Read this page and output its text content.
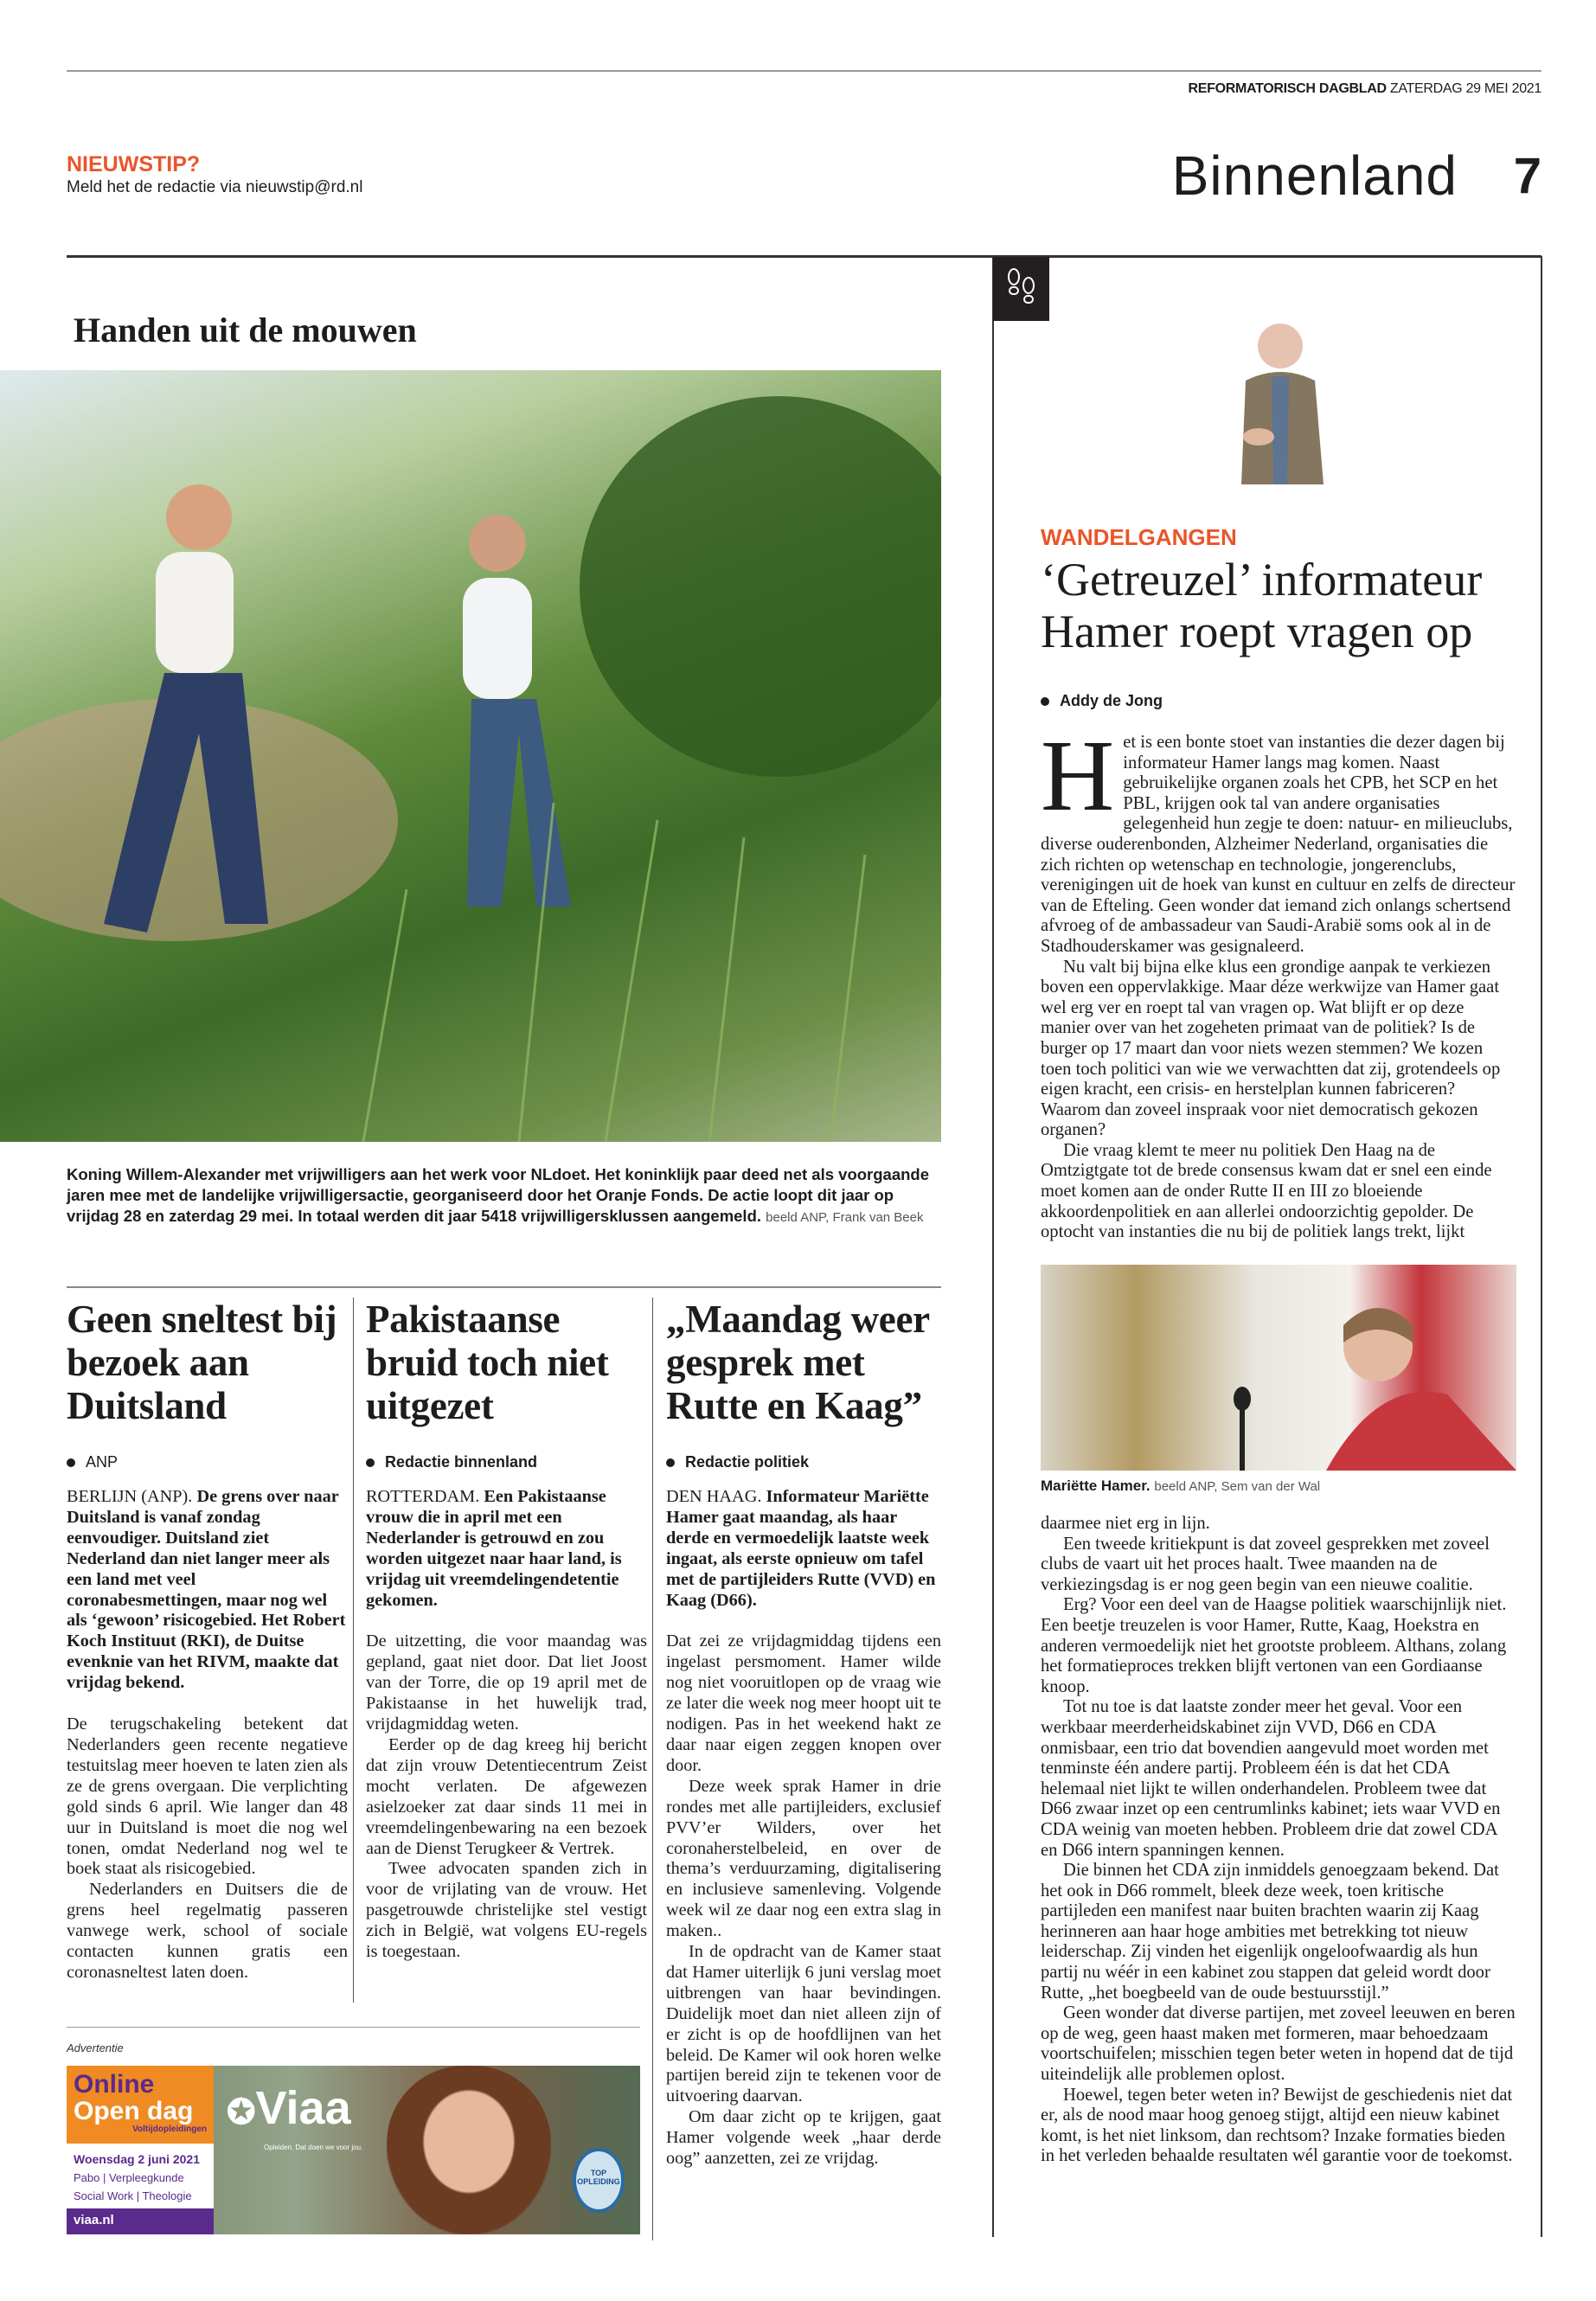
REFORMATORISCH DAGBLAD ZATERDAG 29 MEI 2021
NIEUWSTIP?
Meld het de redactie via nieuwstip@rd.nl	Binnenland 7
Handen uit de mouwen
Koning Willem-Alexander met vrijwilligers aan het werk voor NLdoet. Het koninklijk paar deed net als voorgaande jaren mee met de landelijke vrijwilligersactie, georganiseerd door het Oranje Fonds. De actie loopt dit jaar op vrijdag 28 en zaterdag 29 mei. In totaal werden dit jaar 5418 vrijwilligersklussen aangemeld. beeld ANP, Frank van Beek
Geen sneltest bij bezoek aan Duitsland
ANP

BERLIJN (ANP). De grens over naar Duitsland is vanaf zondag eenvoudiger. Duitsland ziet Nederland dan niet langer meer als een land met veel coronabesmettingen, maar nog wel als ‘gewoon’ risicogebied. Het Robert Koch Instituut (RKI), de Duitse evenknie van het RIVM, maakte dat vrijdag bekend.

De terugschakeling betekent dat Nederlanders geen recente negatieve testuitslag meer hoeven te laten zien als ze de grens overgaan. Die verplichting gold sinds 6 april. Wie langer dan 48 uur in Duitsland is moet die nog wel tonen, omdat Nederland nog wel te boek staat als risicogebied.

Nederlanders en Duitsers die de grens heel regelmatig passeren vanwege werk, school of sociale contacten kunnen gratis een coronasneltest laten doen.

Pakistaanse bruid toch niet uitgezet
Redactie binnenland

ROTTERDAM. Een Pakistaanse vrouw die in april met een Nederlander is getrouwd en zou worden uitgezet naar haar land, is vrijdag uit vreemdelingendetentie gekomen.

De uitzetting, die voor maandag was gepland, gaat niet door. Dat liet Joost van der Torre, die op 19 april met de Pakistaanse in het huwelijk trad, vrijdagmiddag weten.

Eerder op de dag kreeg hij bericht dat zijn vrouw Detentiecentrum Zeist mocht verlaten. De afgewezen asielzoeker zat daar sinds 11 mei in vreemdelingenbewaring na een bezoek aan de Dienst Terugkeer & Vertrek.

Twee advocaten spanden zich in voor de vrijlating van de vrouw. Het pasgetrouwde christelijke stel vestigt zich in België, wat volgens EU-regels is toegestaan.

„Maandag weer gesprek met Rutte en Kaag”
Redactie politiek

DEN HAAG. Informateur Mariëtte Hamer gaat maandag, als haar derde en vermoedelijk laatste week ingaat, als eerste opnieuw om tafel met de partijleiders Rutte (VVD) en Kaag (D66).

Dat zei ze vrijdagmiddag tijdens een ingelast persmoment. Hamer wilde nog niet vooruitlopen op de vraag wie ze later die week nog meer hoopt uit te nodigen. Pas in het weekend hakt ze daar naar eigen zeggen knopen over door.

Deze week sprak Hamer in drie rondes met alle partijleiders, exclusief PVV’er Wilders, over het coronaherstelbeleid, en over de thema’s verduurzaming, digitalisering en inclusieve samenleving. Volgende week wil ze daar nog een extra slag in maken..

In de opdracht van de Kamer staat dat Hamer uiterlijk 6 juni verslag moet uitbrengen van haar bevindingen. Duidelijk moet dan niet alleen zijn of er zicht is op de hoofdlijnen van het beleid. De Kamer wil ook horen welke partijen bereid zijn te tekenen voor de uitvoering daarvan.

Om daar zicht op te krijgen, gaat Hamer volgende week „haar derde oog” aanzetten, zei ze vrijdag.

Advertentie
Online
Open dag
Voltijdopleidingen
Woensdag 2 juni 2021
Pabo | Verpleegkunde
Social Work | Theologie
viaa.nl
✪Viaa
Opleiden. Dat doen we voor jou.
TOP OPLEIDING
WANDELGANGEN
‘Getreuzel’ informateur Hamer roept vragen op
Addy de Jong

Het is een bonte stoet van instanties die dezer dagen bij informateur Hamer langs mag komen. Naast gebruikelijke organen zoals het CPB, het SCP en het PBL, krijgen ook tal van andere organisaties gelegenheid hun zegje te doen: natuur- en milieuclubs, diverse ouderenbonden, Alzheimer Nederland, organisaties die zich richten op wetenschap en technologie, jongerenclubs, verenigingen uit de hoek van kunst en cultuur en zelfs de directeur van de Efteling. Geen wonder dat iemand zich onlangs schertsend afvroeg of de ambassadeur van Saudi-Arabië soms ook al in de Stadhouderskamer was gesignaleerd.

Nu valt bij bijna elke klus een grondige aanpak te verkiezen boven een oppervlakkige. Maar déze werkwijze van Hamer gaat wel erg ver en roept tal van vragen op. Wat blijft er op deze manier over van het zogeheten primaat van de politiek? Is de burger op 17 maart dan voor niets wezen stemmen? We kozen toen toch politici van wie we verwachtten dat zij, grotendeels op eigen kracht, een crisis- en herstelplan kunnen fabriceren? Waarom dan zoveel inspraak voor niet democratisch gekozen organen?

Die vraag klemt te meer nu politiek Den Haag na de Omtzigtgate tot de brede consensus kwam dat er snel een einde moet komen aan de onder Rutte II en III zo bloeiende akkoordenpolitiek en aan allerlei ondoorzichtig gepolder. De optocht van instanties die nu bij de politiek langs trekt, lijkt

Mariëtte Hamer. beeld ANP, Sem van der Wal

daarmee niet erg in lijn.

Een tweede kritiekpunt is dat zoveel gesprekken met zoveel clubs de vaart uit het proces haalt. Twee maanden na de verkiezingsdag is er nog geen begin van een nieuwe coalitie.

Erg? Voor een deel van de Haagse politiek waarschijnlijk niet. Een beetje treuzelen is voor Hamer, Rutte, Kaag, Hoekstra en anderen vermoedelijk niet het grootste probleem. Althans, zolang het formatieproces trekken blijft vertonen van een Gordiaanse knoop.

Tot nu toe is dat laatste zonder meer het geval. Voor een werkbaar meerderheidskabinet zijn VVD, D66 en CDA onmisbaar, een trio dat bovendien aangevuld moet worden met tenminste één andere partij. Probleem één is dat het CDA helemaal niet lijkt te willen onderhandelen. Probleem twee dat D66 zwaar inzet op een centrumlinks kabinet; iets waar VVD en CDA weinig van moeten hebben. Probleem drie dat zowel CDA en D66 intern spanningen kennen.

Die binnen het CDA zijn inmiddels genoegzaam bekend. Dat het ook in D66 rommelt, bleek deze week, toen kritische partijleden een manifest naar buiten brachten waarin zij Kaag herinneren aan haar hoge ambities met betrekking tot nieuw leiderschap. Zij vinden het eigenlijk ongeloofwaardig als hun partij nu wéér in een kabinet zou stappen dat geleid wordt door Rutte, „het boegbeeld van de oude bestuursstijl.”

Geen wonder dat diverse partijen, met zoveel leeuwen en beren op de weg, geen haast maken met formeren, maar behoedzaam voortschuifelen; misschien tegen beter weten in hopend dat de tijd uiteindelijk alle problemen oplost.

Hoewel, tegen beter weten in? Bewijst de geschiedenis niet dat er, als de nood maar hoog genoeg stijgt, altijd een nieuw kabinet komt, is het niet linksom, dan rechtsom? Inzake formaties bieden in het verleden behaalde resultaten wél garantie voor de toekomst.
